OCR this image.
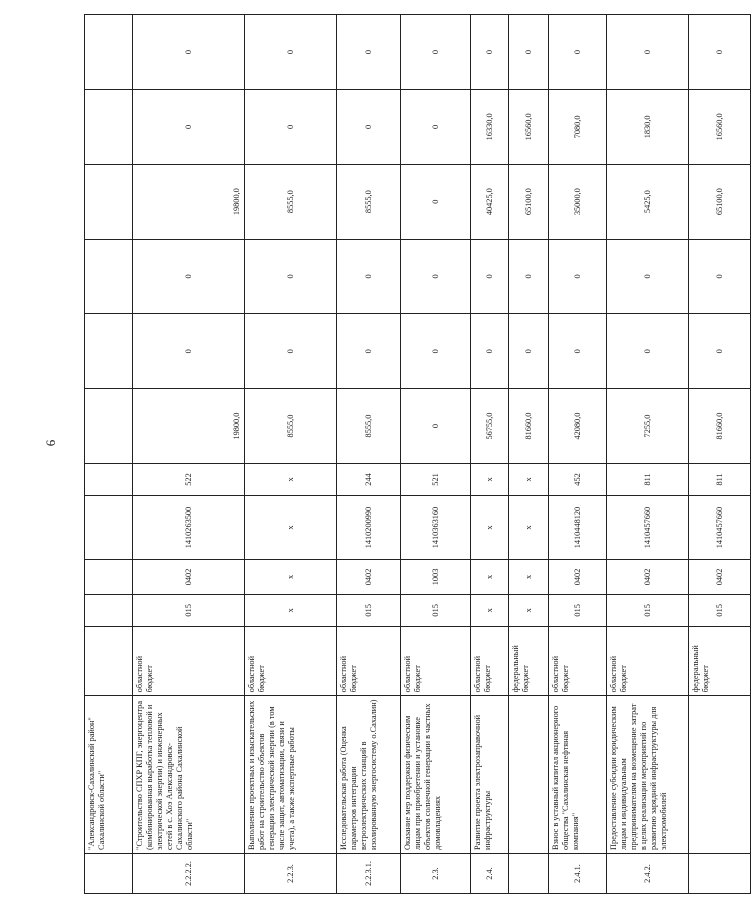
6
	"Александровск-Сахалинский район" Сахалинской области"											
2.2.2.2.	"Строительство СПХР КПГ, энергоцентра (комбинированная выработка тепловой и электрической энергии) и инженерных сетей в с. Хоэ Александровск-Сахалинского района Сахалинской области"	областной бюджет	015	0402	1410263500	522	19800,0	0	0	19800,0	0	0
2.2.3.	Выполнение проектных и изыскательских работ на строительство объектов генерации электрической энергии (в том числе защит, автоматизации, связи и учета), а также экспертные работы	областной бюджет	x	x	x	x	8555,0	0	0	8555,0	0	0
2.2.3.1.	Исследовательская работа (Оценка параметров интеграции ветроэлектрических станций в изолированную энергосистему о.Сахалин)	областной бюджет	015	0402	1410200990	244	8555,0	0	0	8555,0	0	0
2.3.	Оказание мер поддержки физическим лицам при приобретении и установке объектов солнечной генерации в частных домовладениях	областной бюджет	015	1003	1410363160	521	0	0	0	0	0	0
2.4.	Развитие проекта электрозаправочной инфраструктуры	областной бюджет	x	x	x	x	56755,0	0	0	40425,0	16330,0	0
		федеральный бюджет	x	x	x	x	81660,0	0	0	65100,0	16560,0	0
2.4.1.	Взнос в уставный капитал акционерного общества "Сахалинская нефтяная компания"	областной бюджет	015	0402	1410448120	452	42080,0	0	0	35000,0	7080,0	0
2.4.2.	Предоставление субсидии юридическим лицам и индивидуальным предпринимателям на возмещение затрат в целях реализации мероприятий по развитию зарядной инфраструктуры для электромобилей	областной бюджет	015	0402	1410457660	811	7255,0	0	0	5425,0	1830,0	0
		федеральный бюджет	015	0402	1410457660	811	81660,0	0	0	65100,0	16560,0	0
